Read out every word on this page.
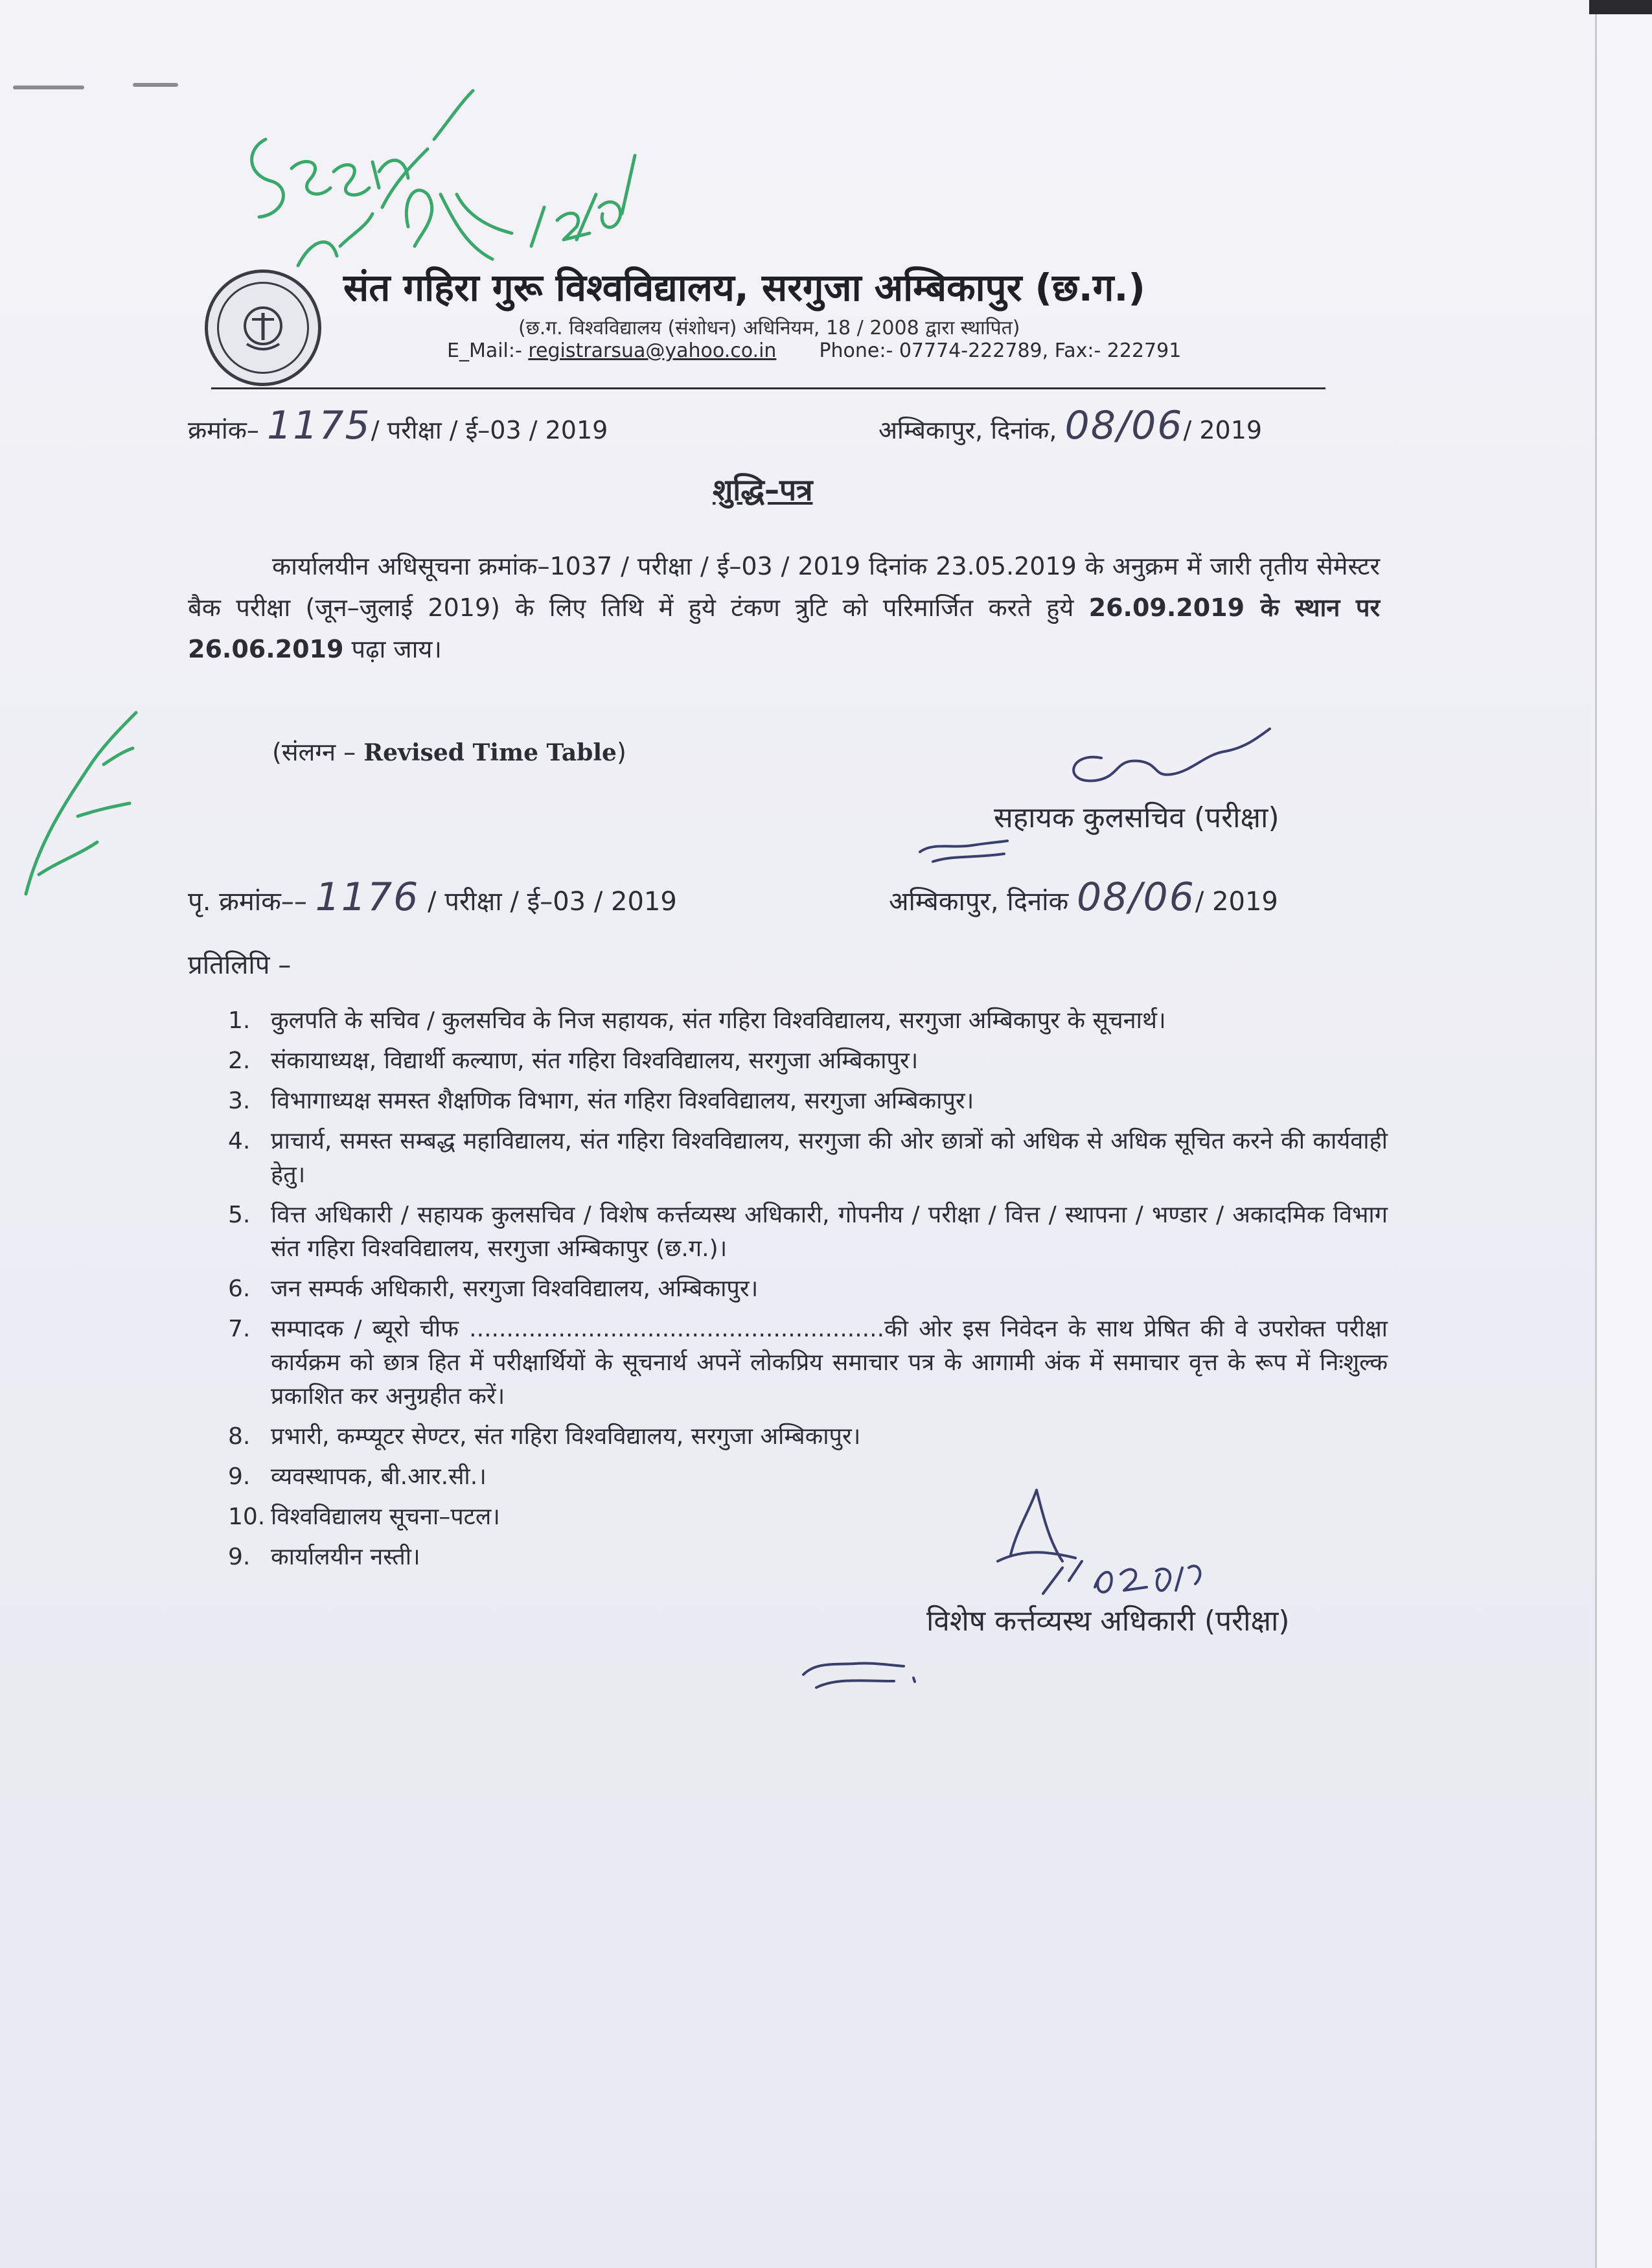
संत गहिरा गुरू विश्वविद्यालय, सरगुजा अम्बिकापुर (छ.ग.)
(छ.ग. विश्वविद्यालय (संशोधन) अधिनियम, 18 / 2008 द्वारा स्थापित)
E_Mail:- registrarsua@yahoo.co.in Phone:- 07774-222789, Fax:- 222791
क्रमांक– 1175/ परीक्षा / ई–03 / 2019	अम्बिकापुर, दिनांक, 08/06/ 2019
शुद्धि–पत्र
कार्यालयीन अधिसूचना क्रमांक–1037 / परीक्षा / ई–03 / 2019 दिनांक 23.05.2019 के अनुक्रम में जारी तृतीय सेमेस्टर बैक परीक्षा (जून–जुलाई 2019) के लिए तिथि में हुये टंकण त्रुटि को परिमार्जित करते हुये 26.09.2019 के स्थान पर 26.06.2019 पढ़ा जाय।
(संलग्न – Revised Time Table)
सहायक कुलसचिव (परीक्षा)
पृ. क्रमांक–– 1176 / परीक्षा / ई–03 / 2019	अम्बिकापुर, दिनांक 08/06/ 2019
प्रतिलिपि –
1. कुलपति के सचिव / कुलसचिव के निज सहायक, संत गहिरा विश्वविद्यालय, सरगुजा अम्बिकापुर के सूचनार्थ।
2. संकायाध्यक्ष, विद्यार्थी कल्याण, संत गहिरा विश्वविद्यालय, सरगुजा अम्बिकापुर।
3. विभागाध्यक्ष समस्त शैक्षणिक विभाग, संत गहिरा विश्वविद्यालय, सरगुजा अम्बिकापुर।
4. प्राचार्य, समस्त सम्बद्ध महाविद्यालय, संत गहिरा विश्वविद्यालय, सरगुजा की ओर छात्रों को अधिक से अधिक सूचित करने की कार्यवाही हेतु।
5. वित्त अधिकारी / सहायक कुलसचिव / विशेष कर्त्तव्यस्थ अधिकारी, गोपनीय / परीक्षा / वित्त / स्थापना / भण्डार / अकादमिक विभाग संत गहिरा विश्वविद्यालय, सरगुजा अम्बिकापुर (छ.ग.)।
6. जन सम्पर्क अधिकारी, सरगुजा विश्वविद्यालय, अम्बिकापुर।
7. सम्पादक / ब्यूरो चीफ ........................................................की ओर इस निवेदन के साथ प्रेषित की वे उपरोक्त परीक्षा कार्यक्रम को छात्र हित में परीक्षार्थियों के सूचनार्थ अपनें लोकप्रिय समाचार पत्र के आगामी अंक में समाचार वृत्त के रूप में निःशुल्क प्रकाशित कर अनुग्रहीत करें।
8. प्रभारी, कम्प्यूटर सेण्टर, संत गहिरा विश्वविद्यालय, सरगुजा अम्बिकापुर।
9. व्यवस्थापक, बी.आर.सी.।
10. विश्वविद्यालय सूचना–पटल।
9. कार्यालयीन नस्ती।
विशेष कर्त्तव्यस्थ अधिकारी (परीक्षा)
